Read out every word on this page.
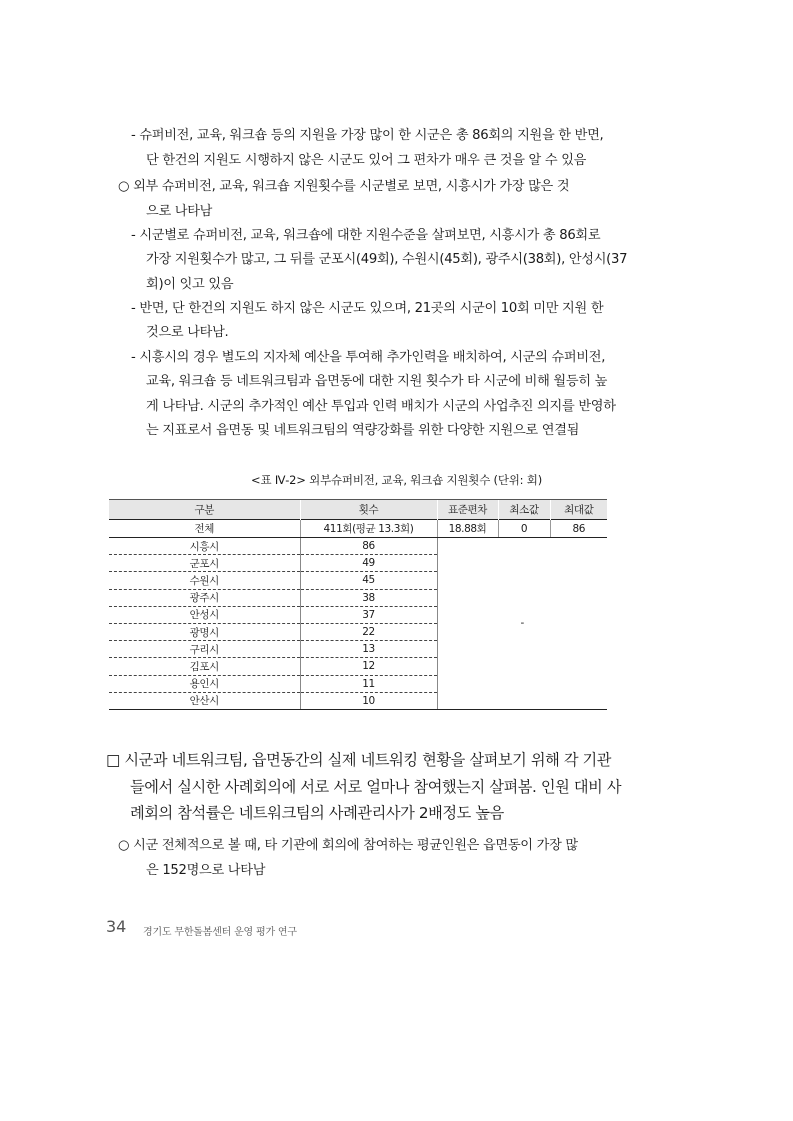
- 슈퍼비전, 교육, 워크숍 등의 지원을 가장 많이 한 시군은 총 86회의 지원을 한 반면,
단 한건의 지원도 시행하지 않은 시군도 있어 그 편차가 매우 큰 것을 알 수 있음
○ 외부 슈퍼비전, 교육, 워크숍 지원횟수를 시군별로 보면, 시흥시가 가장 많은 것
으로 나타남
- 시군별로 슈퍼비전, 교육, 워크숍에 대한 지원수준을 살펴보면, 시흥시가 총 86회로
가장 지원횟수가 많고, 그 뒤를 군포시(49회), 수원시(45회), 광주시(38회), 안성시(37
회)이 잇고 있음
- 반면, 단 한건의 지원도 하지 않은 시군도 있으며, 21곳의 시군이 10회 미만 지원 한
것으로 나타남.
- 시흥시의 경우 별도의 지자체 예산을 투여해 추가인력을 배치하여, 시군의 슈퍼비전,
교육, 워크숍 등 네트워크팀과 읍면동에 대한 지원 횟수가 타 시군에 비해 월등히 높
게 나타남. 시군의 추가적인 예산 투입과 인력 배치가 시군의 사업추진 의지를 반영하
는 지표로서 읍면동 및 네트워크팀의 역량강화를 위한 다양한 지원으로 연결됨
<표 Ⅳ-2> 외부슈퍼비전, 교육, 워크숍 지원횟수 (단위: 회)
구분	횟수	표준편차	최소값	최대값
전체	411회(평균 13.3회)	18.88회	0	86
시흥시	86	-		
군포시	49			
수원시	45			
광주시	38			
안성시	37			
광명시	22			
구리시	13			
김포시	12			
용인시	11			
안산시	10			
□ 시군과 네트워크팀, 읍면동간의 실제 네트워킹 현황을 살펴보기 위해 각 기관
들에서 실시한 사례회의에 서로 서로 얼마나 참여했는지 살펴봄. 인원 대비 사
례회의 참석률은 네트워크팀의 사례관리사가 2배정도 높음
○ 시군 전체적으로 볼 때, 타 기관에 회의에 참여하는 평균인원은 읍면동이 가장 많
은 152명으로 나타남
34 경기도 무한돌봄센터 운영 평가 연구
